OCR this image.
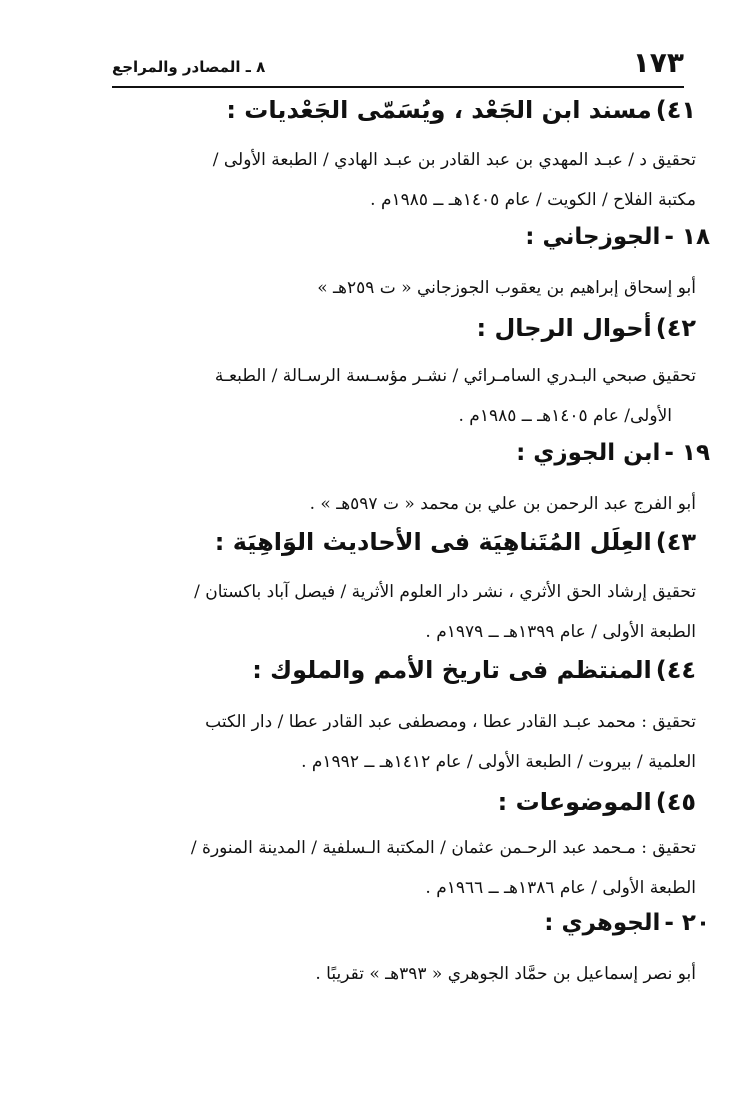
١٧٣
٨ ـ المصادر والمراجع
٤١)مسند ابن الجَعْد ، ويُسَمّى الجَعْديات :
تحقيق د / عبـد المهدي بن عبد القادر بن عبـد الهادي / الطبعة الأولى /
مكتبة الفلاح / الكويت / عام ١٤٠٥هـ ــ ١٩٨٥م .
١٨ -الجوزجاني :
أبو إسحاق إبراهيم بن يعقوب الجوزجاني « ت ٢٥٩هـ »
٤٢)أحوال الرجال :
تحقيق صبحي البـدري السامـرائي / نشـر مؤسـسة الرسـالة / الطبعـة
الأولى/ عام ١٤٠٥هـ ــ ١٩٨٥م .
١٩ -ابن الجوزي :
أبو الفرج عبد الرحمن بن علي بن محمد « ت ٥٩٧هـ » .
٤٣)العِلَل المُتَناهِيَة فى الأحاديث الوَاهِيَة :
تحقيق إرشاد الحق الأثري ، نشر دار العلوم الأثرية / فيصل آباد باكستان /
الطبعة الأولى / عام ١٣٩٩هـ ــ ١٩٧٩م .
٤٤)المنتظم فى تاريخ الأمم والملوك :
تحقيق : محمد عبـد القادر عطا ، ومصطفى عبد القادر عطا / دار الكتب
العلمية / بيروت / الطبعة الأولى / عام ١٤١٢هـ ــ ١٩٩٢م .
٤٥)الموضوعات :
تحقيق : مـحمد عبد الرحـمن عثمان / المكتبة الـسلفية / المدينة المنورة /
الطبعة الأولى / عام ١٣٨٦هـ ــ ١٩٦٦م .
٢٠ -الجوهري :
أبو نصر إسماعيل بن حمَّاد الجوهري « ٣٩٣هـ » تقريبًا .
